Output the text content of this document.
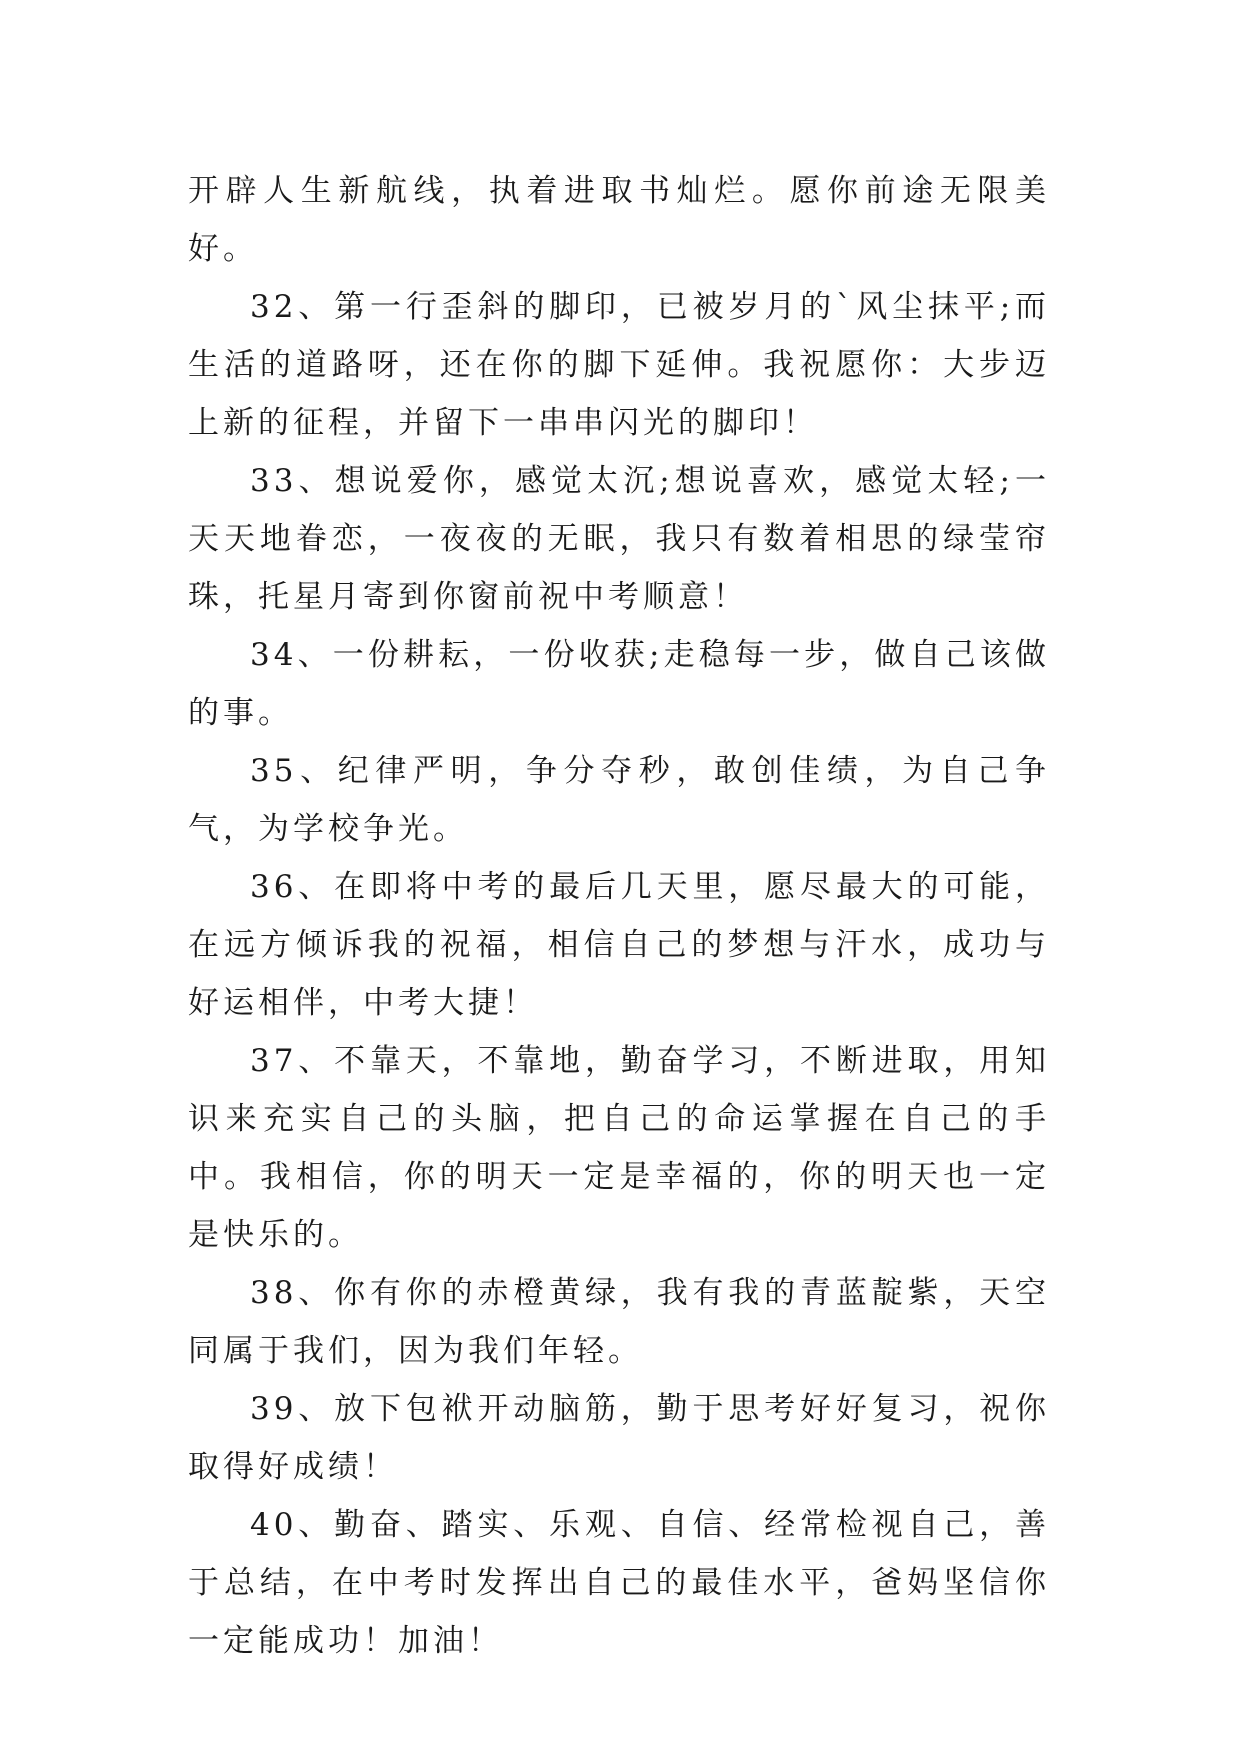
开辟人生新航线，执着进取书灿烂。愿你前途无限美好。

32、第一行歪斜的脚印，已被岁月的`风尘抹平;而生活的道路呀，还在你的脚下延伸。我祝愿你：大步迈上新的征程，并留下一串串闪光的脚印！

33、想说爱你，感觉太沉;想说喜欢，感觉太轻;一天天地眷恋，一夜夜的无眠，我只有数着相思的绿莹帘珠，托星月寄到你窗前祝中考顺意！

34、一份耕耘，一份收获;走稳每一步，做自己该做的事。

35、纪律严明，争分夺秒，敢创佳绩，为自己争气，为学校争光。

36、在即将中考的最后几天里，愿尽最大的可能，在远方倾诉我的祝福，相信自己的梦想与汗水，成功与好运相伴，中考大捷！

37、不靠天，不靠地，勤奋学习，不断进取，用知识来充实自己的头脑，把自己的命运掌握在自己的手中。我相信，你的明天一定是幸福的，你的明天也一定是快乐的。

38、你有你的赤橙黄绿，我有我的青蓝靛紫，天空同属于我们，因为我们年轻。

39、放下包袱开动脑筋，勤于思考好好复习，祝你取得好成绩！

40、勤奋、踏实、乐观、自信、经常检视自己，善于总结，在中考时发挥出自己的最佳水平，爸妈坚信你一定能成功！加油！
